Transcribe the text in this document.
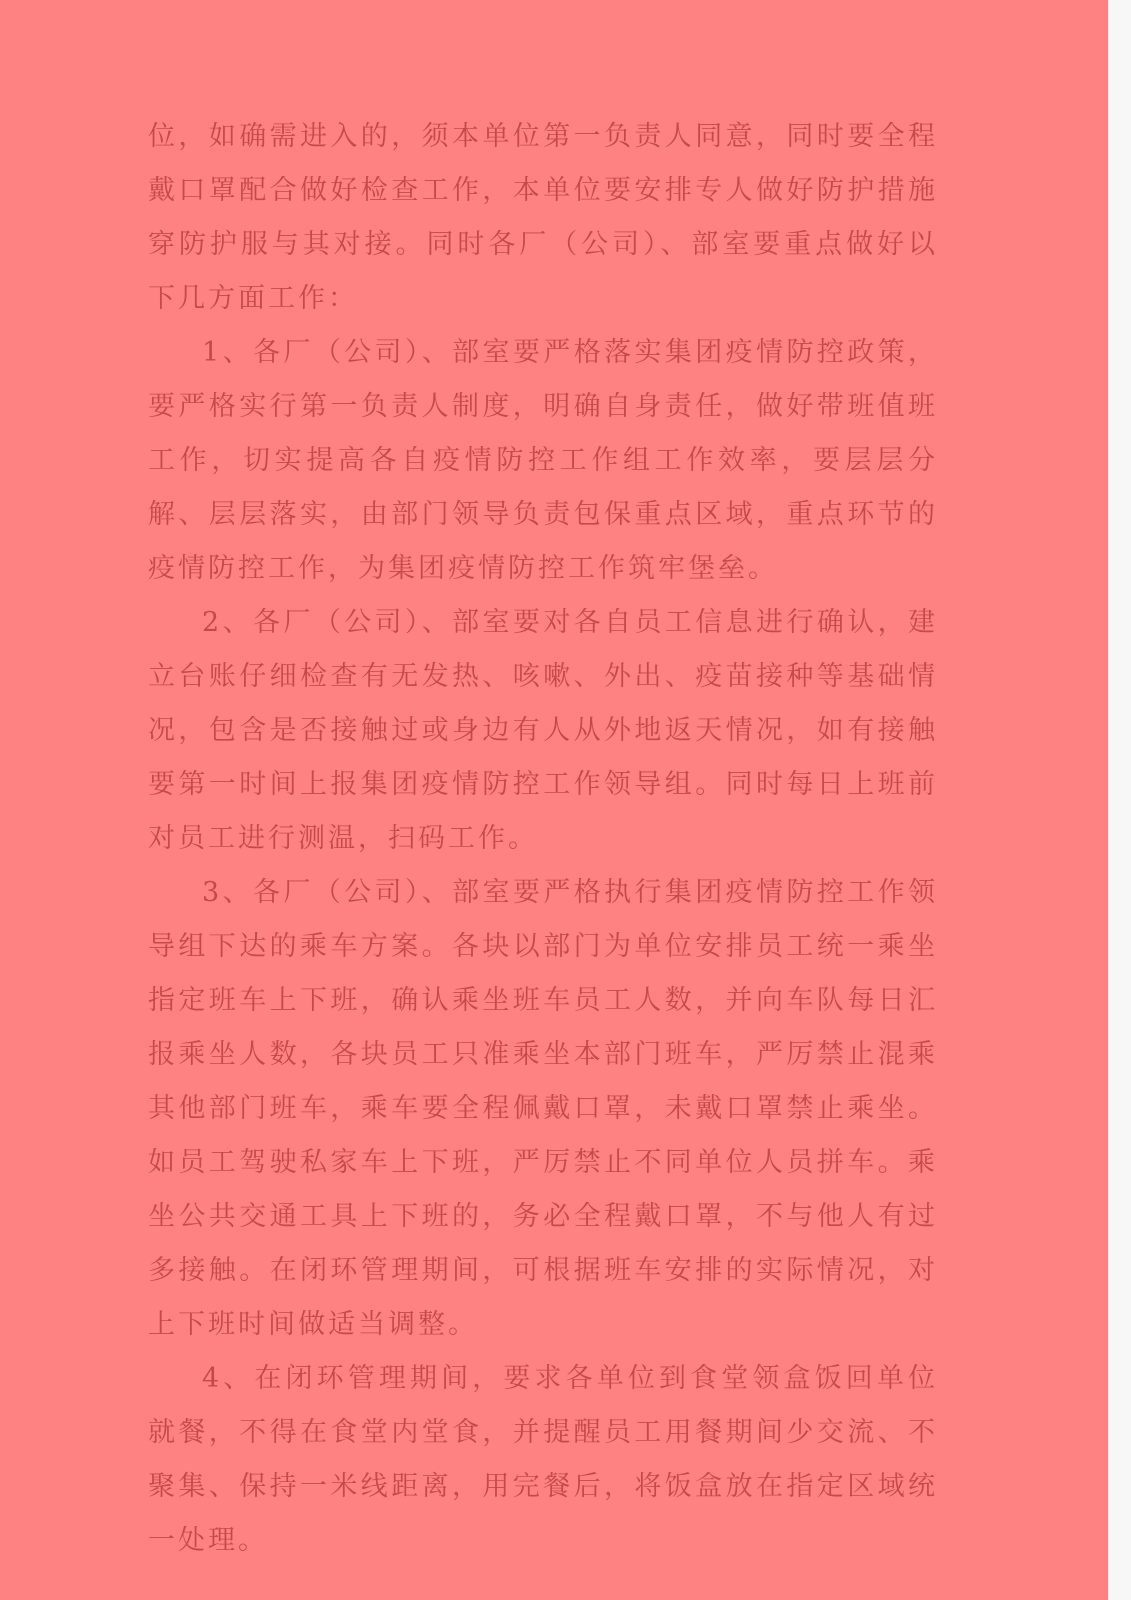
位，如确需进入的，须本单位第一负责人同意，同时要全程戴口罩配合做好检查工作，本单位要安排专人做好防护措施穿防护服与其对接。同时各厂（公司）、部室要重点做好以下几方面工作：

1、各厂（公司）、部室要严格落实集团疫情防控政策，要严格实行第一负责人制度，明确自身责任，做好带班值班工作，切实提高各自疫情防控工作组工作效率，要层层分解、层层落实，由部门领导负责包保重点区域，重点环节的疫情防控工作，为集团疫情防控工作筑牢堡垒。

2、各厂（公司）、部室要对各自员工信息进行确认，建立台账仔细检查有无发热、咳嗽、外出、疫苗接种等基础情况，包含是否接触过或身边有人从外地返天情况，如有接触要第一时间上报集团疫情防控工作领导组。同时每日上班前对员工进行测温，扫码工作。

3、各厂（公司）、部室要严格执行集团疫情防控工作领导组下达的乘车方案。各块以部门为单位安排员工统一乘坐指定班车上下班，确认乘坐班车员工人数，并向车队每日汇报乘坐人数，各块员工只准乘坐本部门班车，严厉禁止混乘其他部门班车，乘车要全程佩戴口罩，未戴口罩禁止乘坐。如员工驾驶私家车上下班，严厉禁止不同单位人员拼车。乘坐公共交通工具上下班的，务必全程戴口罩，不与他人有过多接触。在闭环管理期间，可根据班车安排的实际情况，对上下班时间做适当调整。

4、在闭环管理期间，要求各单位到食堂领盒饭回单位就餐，不得在食堂内堂食，并提醒员工用餐期间少交流、不聚集、保持一米线距离，用完餐后，将饭盒放在指定区域统一处理。
